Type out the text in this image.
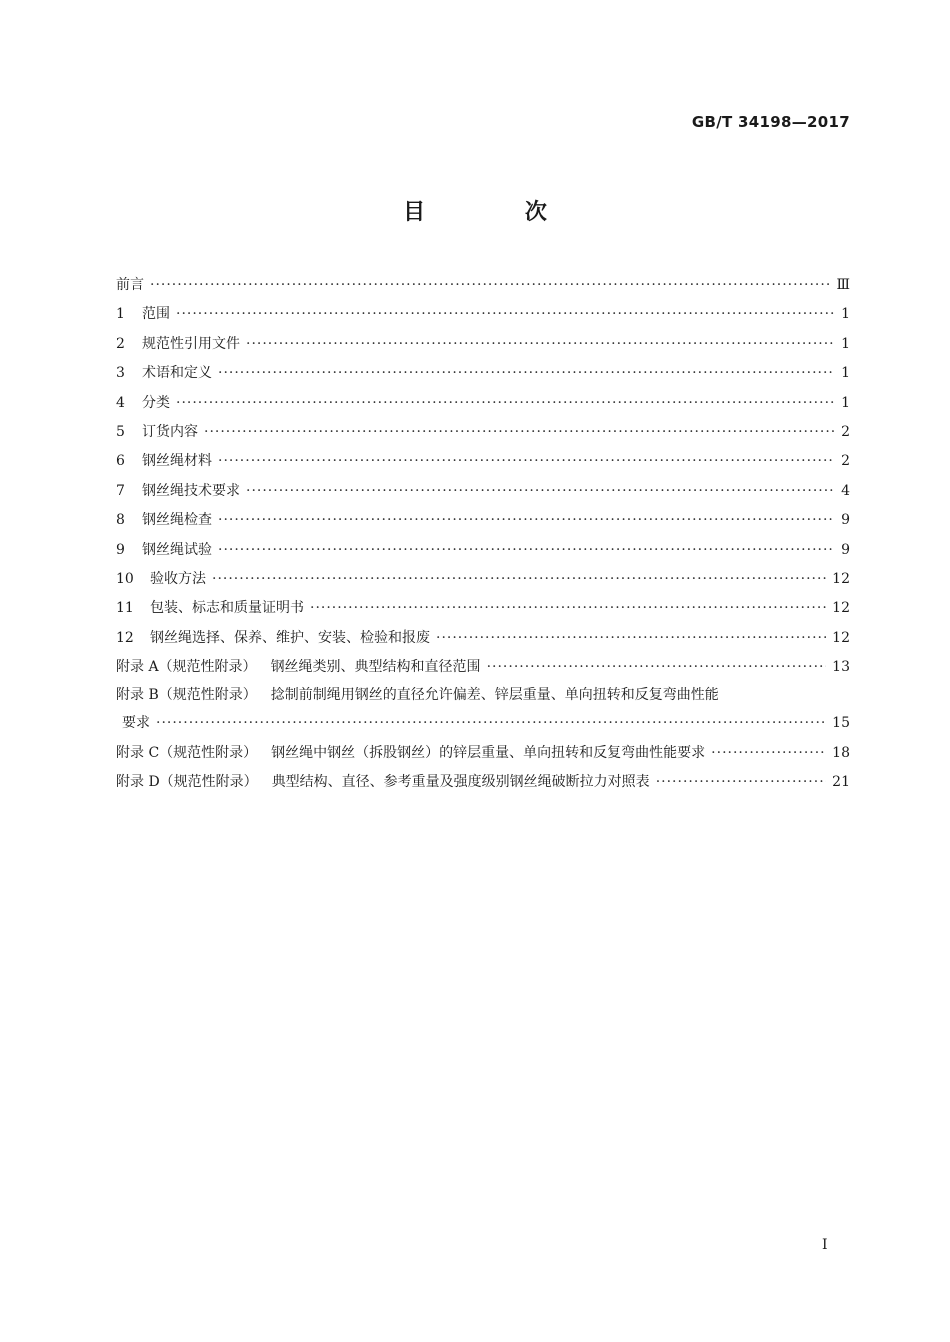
GB/T 34198—2017
目 次
前言 ·····	Ⅲ
1 范围 ·····	1
2 规范性引用文件 ·····	1
3 术语和定义 ·····	1
4 分类 ·····	1
5 订货内容 ·····	2
6 钢丝绳材料 ·····	2
7 钢丝绳技术要求 ·····	4
8 钢丝绳检查 ·····	9
9 钢丝绳试验 ·····	9
10 验收方法 ·····	12
11 包装、标志和质量证明书 ·····	12
12 钢丝绳选择、保养、维护、安装、检验和报废 ·····	12
附录 A（规范性附录） 钢丝绳类别、典型结构和直径范围 ·····	13
附录 B（规范性附录） 捻制前制绳用钢丝的直径允许偏差、锌层重量、单向扭转和反复弯曲性能
要求 ·····	15
附录 C（规范性附录） 钢丝绳中钢丝（拆股钢丝）的锌层重量、单向扭转和反复弯曲性能要求 ·····	18
附录 D（规范性附录） 典型结构、直径、参考重量及强度级别钢丝绳破断拉力对照表 ·····	21
I
